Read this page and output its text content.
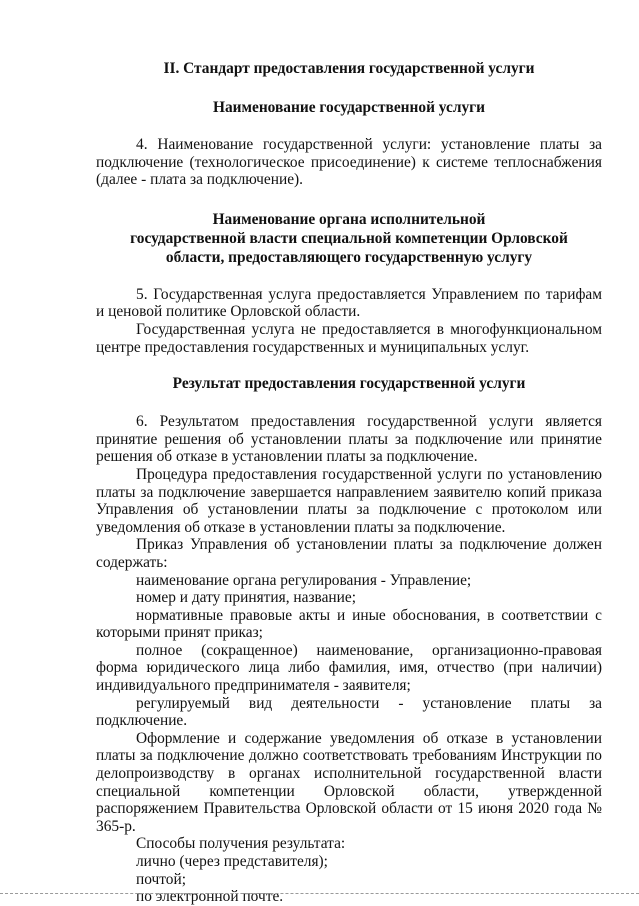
II. Стандарт предоставления государственной услуги
Наименование государственной услуги

4. Наименование государственной услуги: установление платы за подключение (технологическое присоединение) к системе теплоснабжения (далее - плата за подключение).

Наименование органа исполнительной
государственной власти специальной компетенции Орловской
области, предоставляющего государственную услугу

5. Государственная услуга предоставляется Управлением по тарифам и ценовой политике Орловской области.

Государственная услуга не предоставляется в многофункциональном центре предоставления государственных и муниципальных услуг.

Результат предоставления государственной услуги

6. Результатом предоставления государственной услуги является принятие решения об установлении платы за подключение или принятие решения об отказе в установлении платы за подключение.

Процедура предоставления государственной услуги по установлению платы за подключение завершается направлением заявителю копий приказа Управления об установлении платы за подключение с протоколом или уведомления об отказе в установлении платы за подключение.

Приказ Управления об установлении платы за подключение должен содержать:

наименование органа регулирования - Управление;

номер и дату принятия, название;

нормативные правовые акты и иные обоснования, в соответствии с которыми принят приказ;

полное (сокращенное) наименование, организационно-правовая форма юридического лица либо фамилия, имя, отчество (при наличии) индивидуального предпринимателя - заявителя;

регулируемый вид деятельности - установление платы за подключение.

Оформление и содержание уведомления об отказе в установлении платы за подключение должно соответствовать требованиям Инструкции по делопроизводству в органах исполнительной государственной власти специальной компетенции Орловской области, утвержденной распоряжением Правительства Орловской области от 15 июня 2020 года № 365-р.

Способы получения результата:

лично (через представителя);

почтой;

по электронной почте.
